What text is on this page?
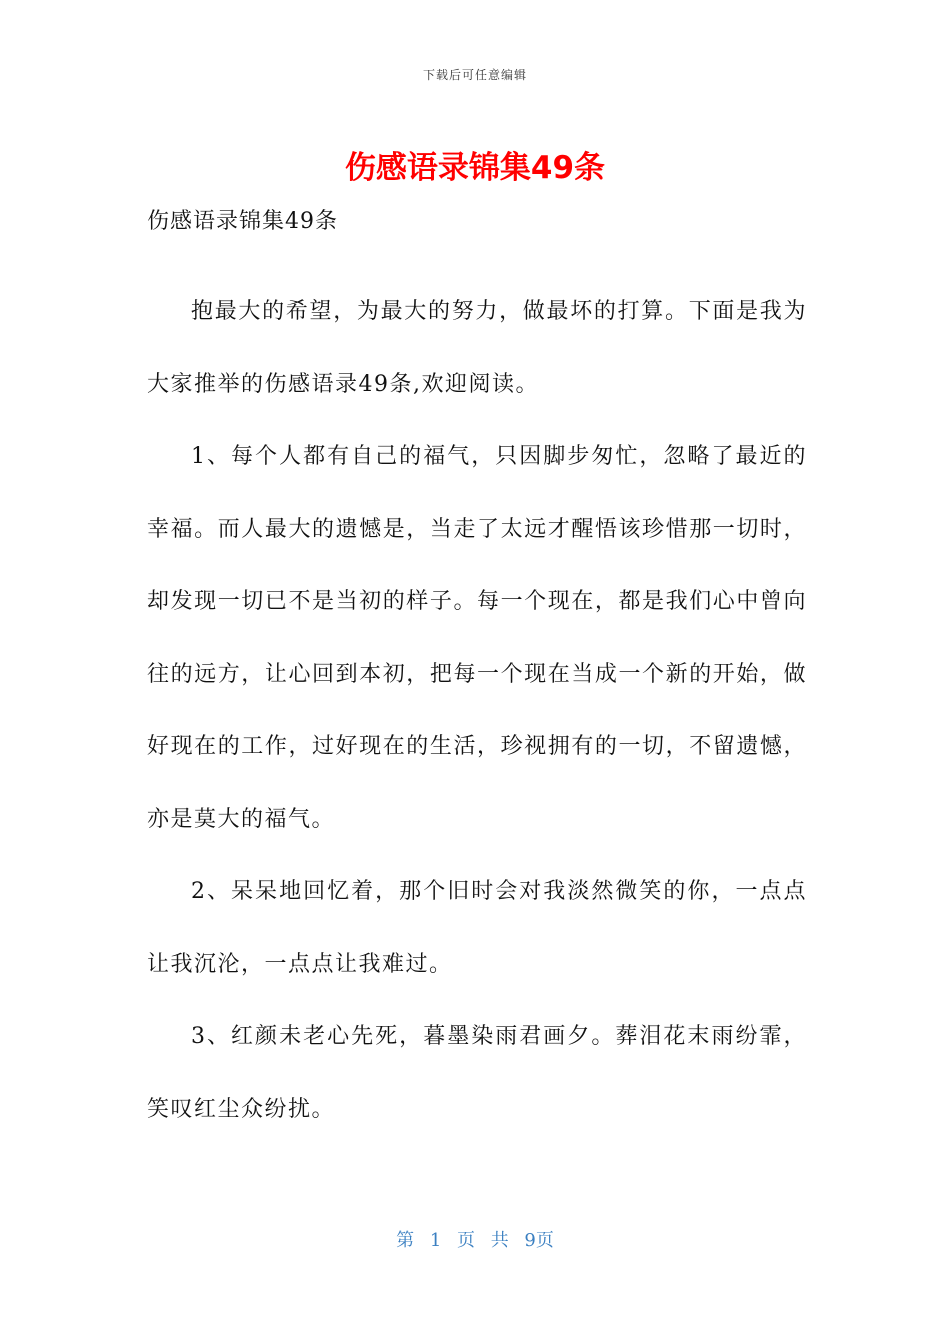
下载后可任意编辑
伤感语录锦集49条
伤感语录锦集49条

抱最大的希望，为最大的努力，做最坏的打算。下面是我为大家推举的伤感语录49条,欢迎阅读。

1、每个人都有自己的福气，只因脚步匆忙，忽略了最近的幸福。而人最大的遗憾是，当走了太远才醒悟该珍惜那一切时，却发现一切已不是当初的样子。每一个现在，都是我们心中曾向往的远方，让心回到本初，把每一个现在当成一个新的开始，做好现在的工作，过好现在的生活，珍视拥有的一切，不留遗憾，亦是莫大的福气。

2、呆呆地回忆着，那个旧时会对我淡然微笑的你，一点点让我沉沦，一点点让我难过。

3、红颜未老心先死，暮墨染雨君画夕。葬泪花末雨纷霏，笑叹红尘众纷扰。

第 1 页 共 9页
